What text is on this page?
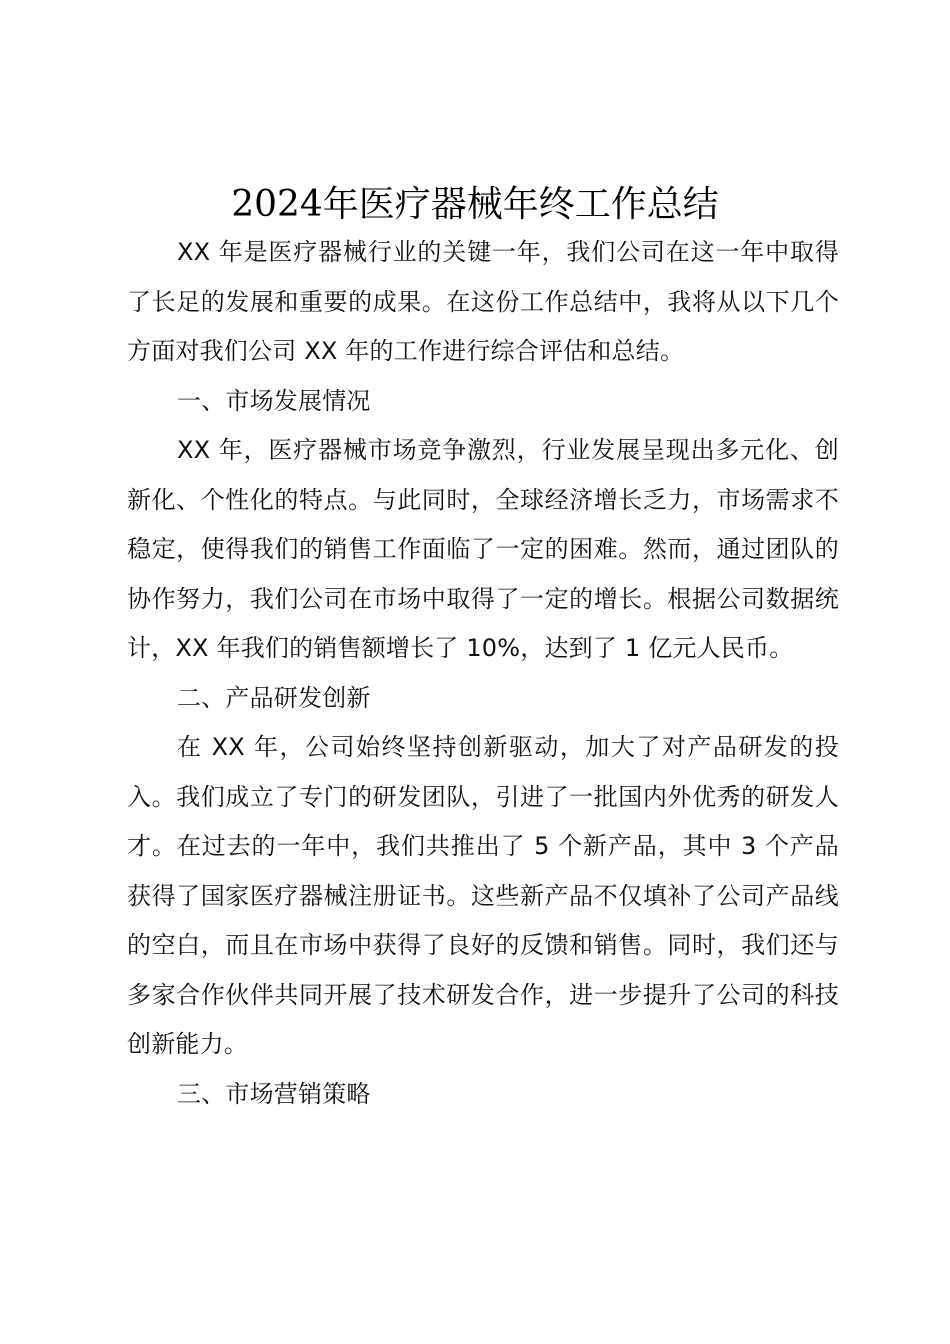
2024年医疗器械年终工作总结

XX 年是医疗器械行业的关键一年，我们公司在这一年中取得了长足的发展和重要的成果。在这份工作总结中，我将从以下几个方面对我们公司 XX 年的工作进行综合评估和总结。

一、市场发展情况

XX 年，医疗器械市场竞争激烈，行业发展呈现出多元化、创新化、个性化的特点。与此同时，全球经济增长乏力，市场需求不稳定，使得我们的销售工作面临了一定的困难。然而，通过团队的协作努力，我们公司在市场中取得了一定的增长。根据公司数据统计，XX 年我们的销售额增长了 10%，达到了 1 亿元人民币。

二、产品研发创新

在 XX 年，公司始终坚持创新驱动，加大了对产品研发的投入。我们成立了专门的研发团队，引进了一批国内外优秀的研发人才。在过去的一年中，我们共推出了 5 个新产品，其中 3 个产品获得了国家医疗器械注册证书。这些新产品不仅填补了公司产品线的空白，而且在市场中获得了良好的反馈和销售。同时，我们还与多家合作伙伴共同开展了技术研发合作，进一步提升了公司的科技创新能力。

三、市场营销策略
